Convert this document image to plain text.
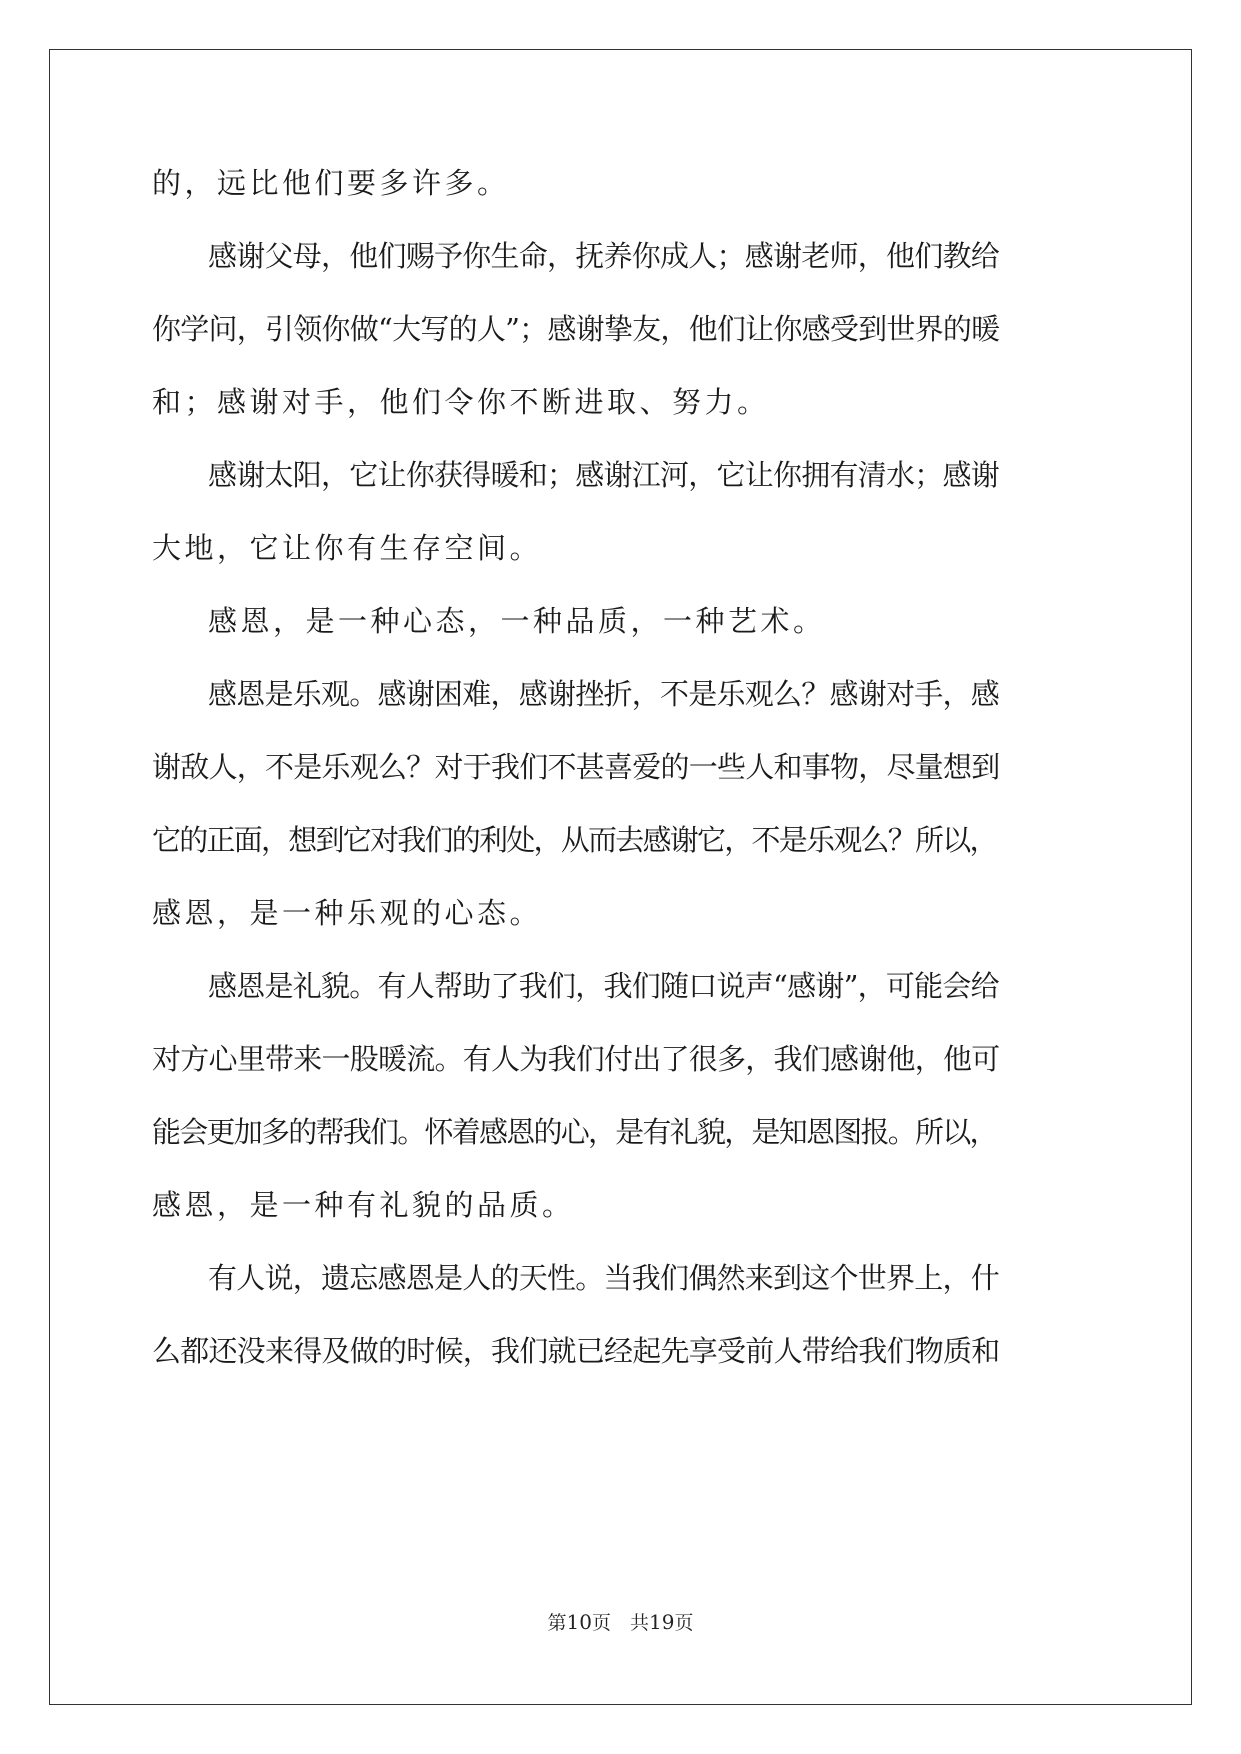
的，远比他们要多许多。
感谢父母，他们赐予你生命，抚养你成人；感谢老师，他们教给
你学问，引领你做“大写的人”；感谢挚友，他们让你感受到世界的暖
和；感谢对手，他们令你不断进取、努力。
感谢太阳，它让你获得暖和；感谢江河，它让你拥有清水；感谢
大地，它让你有生存空间。
感恩，是一种心态，一种品质，一种艺术。
感恩是乐观。感谢困难，感谢挫折，不是乐观么？感谢对手，感
谢敌人，不是乐观么？对于我们不甚喜爱的一些人和事物，尽量想到
它的正面，想到它对我们的利处，从而去感谢它，不是乐观么？所以，
感恩，是一种乐观的心态。
感恩是礼貌。有人帮助了我们，我们随口说声“感谢”，可能会给
对方心里带来一股暖流。有人为我们付出了很多，我们感谢他，他可
能会更加多的帮我们。怀着感恩的心，是有礼貌，是知恩图报。所以，
感恩，是一种有礼貌的品质。
有人说，遗忘感恩是人的天性。当我们偶然来到这个世界上，什
么都还没来得及做的时候，我们就已经起先享受前人带给我们物质和
第10页　共19页
